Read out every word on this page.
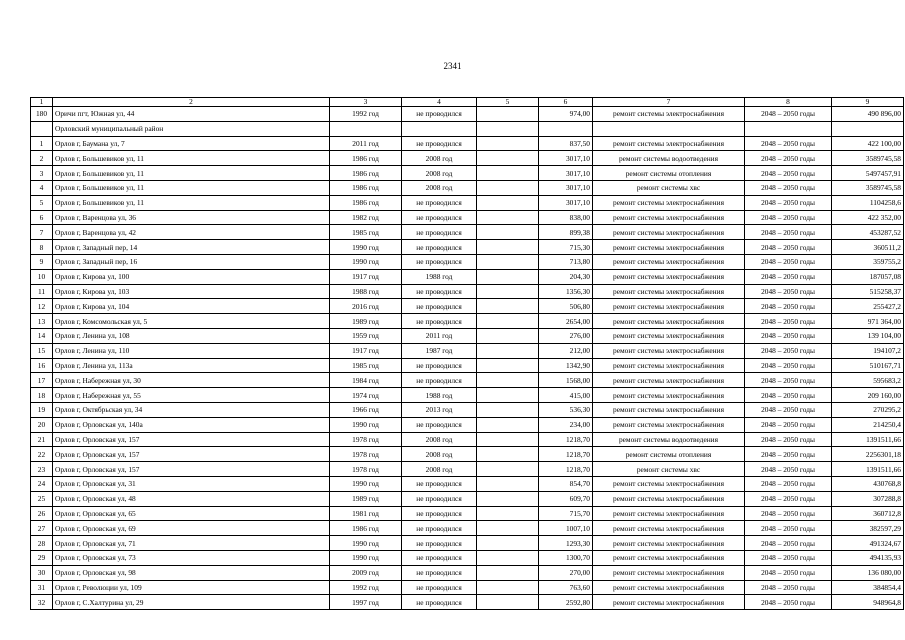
2341
1	2	3	4	5	6	7	8	9
180	Оричи пгт, Южная ул, 44	1992 год	не проводился		974,00	ремонт системы электроснабжения	2048 – 2050 годы	490 896,00
	Орловский муниципальный район							
1	Орлов г, Баумана ул, 7	2011 год	не проводился		837,50	ремонт системы электроснабжения	2048 – 2050 годы	422 100,00
2	Орлов г, Большевиков ул, 11	1986 год	2008 год		3017,10	ремонт системы водоотведения	2048 – 2050 годы	3589745,58
3	Орлов г, Большевиков ул, 11	1986 год	2008 год		3017,10	ремонт системы отопления	2048 – 2050 годы	5497457,91
4	Орлов г, Большевиков ул, 11	1986 год	2008 год		3017,10	ремонт системы хвс	2048 – 2050 годы	3589745,58
5	Орлов г, Большевиков ул, 11	1986 год	не проводился		3017,10	ремонт системы электроснабжения	2048 – 2050 годы	1104258,6
6	Орлов г, Варенцова ул, 36	1982 год	не проводился		838,00	ремонт системы электроснабжения	2048 – 2050 годы	422 352,00
7	Орлов г, Варенцова ул, 42	1985 год	не проводился		899,38	ремонт системы электроснабжения	2048 – 2050 годы	453287,52
8	Орлов г, Западный пер, 14	1990 год	не проводился		715,30	ремонт системы электроснабжения	2048 – 2050 годы	360511,2
9	Орлов г, Западный пер, 16	1990 год	не проводился		713,80	ремонт системы электроснабжения	2048 – 2050 годы	359755,2
10	Орлов г, Кирова ул, 100	1917 год	1988 год		204,30	ремонт системы электроснабжения	2048 – 2050 годы	187057,08
11	Орлов г, Кирова ул, 103	1988 год	не проводился		1356,30	ремонт системы электроснабжения	2048 – 2050 годы	515258,37
12	Орлов г, Кирова ул, 104	2016 год	не проводился		506,80	ремонт системы электроснабжения	2048 – 2050 годы	255427,2
13	Орлов г, Комсомольская ул, 5	1989 год	не проводился		2654,00	ремонт системы электроснабжения	2048 – 2050 годы	971 364,00
14	Орлов г, Ленина ул, 108	1959 год	2011 год		276,00	ремонт системы электроснабжения	2048 – 2050 годы	139 104,00
15	Орлов г, Ленина ул, 110	1917 год	1987 год		212,00	ремонт системы электроснабжения	2048 – 2050 годы	194107,2
16	Орлов г, Ленина ул, 113а	1985 год	не проводился		1342,90	ремонт системы электроснабжения	2048 – 2050 годы	510167,71
17	Орлов г, Набережная ул, 30	1984 год	не проводился		1568,00	ремонт системы электроснабжения	2048 – 2050 годы	595683,2
18	Орлов г, Набережная ул, 55	1974 год	1988 год		415,00	ремонт системы электроснабжения	2048 – 2050 годы	209 160,00
19	Орлов г, Октябрьская ул, 34	1966 год	2013 год		536,30	ремонт системы электроснабжения	2048 – 2050 годы	270295,2
20	Орлов г, Орловская ул, 140а	1990 год	не проводился		234,00	ремонт системы электроснабжения	2048 – 2050 годы	214250,4
21	Орлов г, Орловская ул, 157	1978 год	2008 год		1218,70	ремонт системы водоотведения	2048 – 2050 годы	1391511,66
22	Орлов г, Орловская ул, 157	1978 год	2008 год		1218,70	ремонт системы отопления	2048 – 2050 годы	2256301,18
23	Орлов г, Орловская ул, 157	1978 год	2008 год		1218,70	ремонт системы хвс	2048 – 2050 годы	1391511,66
24	Орлов г, Орловская ул, 31	1990 год	не проводился		854,70	ремонт системы электроснабжения	2048 – 2050 годы	430768,8
25	Орлов г, Орловская ул, 48	1989 год	не проводился		609,70	ремонт системы электроснабжения	2048 – 2050 годы	307288,8
26	Орлов г, Орловская ул, 65	1981 год	не проводился		715,70	ремонт системы электроснабжения	2048 – 2050 годы	360712,8
27	Орлов г, Орловская ул, 69	1986 год	не проводился		1007,10	ремонт системы электроснабжения	2048 – 2050 годы	382597,29
28	Орлов г, Орловская ул, 71	1990 год	не проводился		1293,30	ремонт системы электроснабжения	2048 – 2050 годы	491324,67
29	Орлов г, Орловская ул, 73	1990 год	не проводился		1300,70	ремонт системы электроснабжения	2048 – 2050 годы	494135,93
30	Орлов г, Орловская ул, 98	2009 год	не проводился		270,00	ремонт системы электроснабжения	2048 – 2050 годы	136 080,00
31	Орлов г, Революции ул, 109	1992 год	не проводился		763,60	ремонт системы электроснабжения	2048 – 2050 годы	384854,4
32	Орлов г, С.Халтурина ул, 29	1997 год	не проводился		2592,80	ремонт системы электроснабжения	2048 – 2050 годы	948964,8
